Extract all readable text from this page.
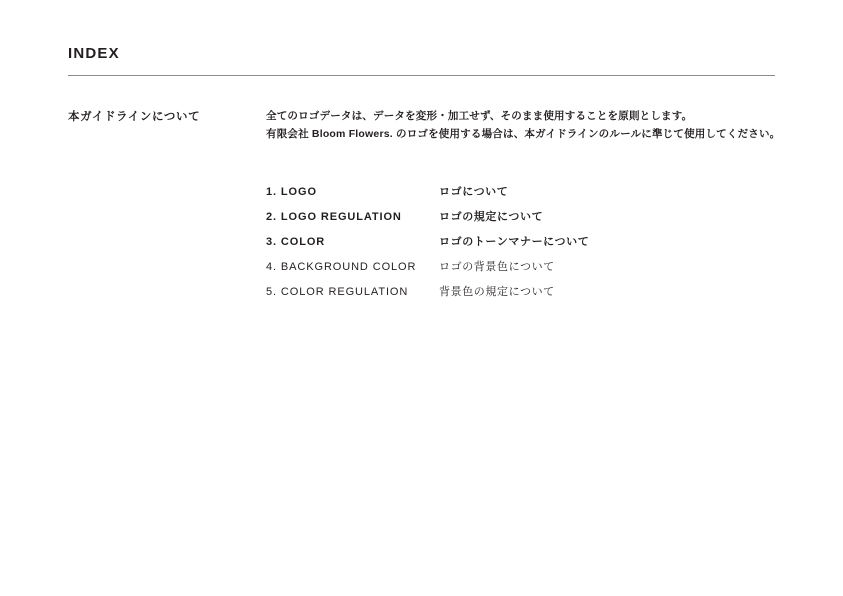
INDEX
本ガイドラインについて	全てのロゴデータは、データを変形・加工せず、そのまま使用することを原則とします。
有限会社 Bloom Flowers. のロゴを使用する場合は、本ガイドラインのルールに準じて使用してください。
1. LOGO	ロゴについて
2. LOGO REGULATION	ロゴの規定について
3. COLOR	ロゴのトーンマナーについて
4. BACKGROUND COLOR	ロゴの背景色について
5. COLOR REGULATION	背景色の規定について
